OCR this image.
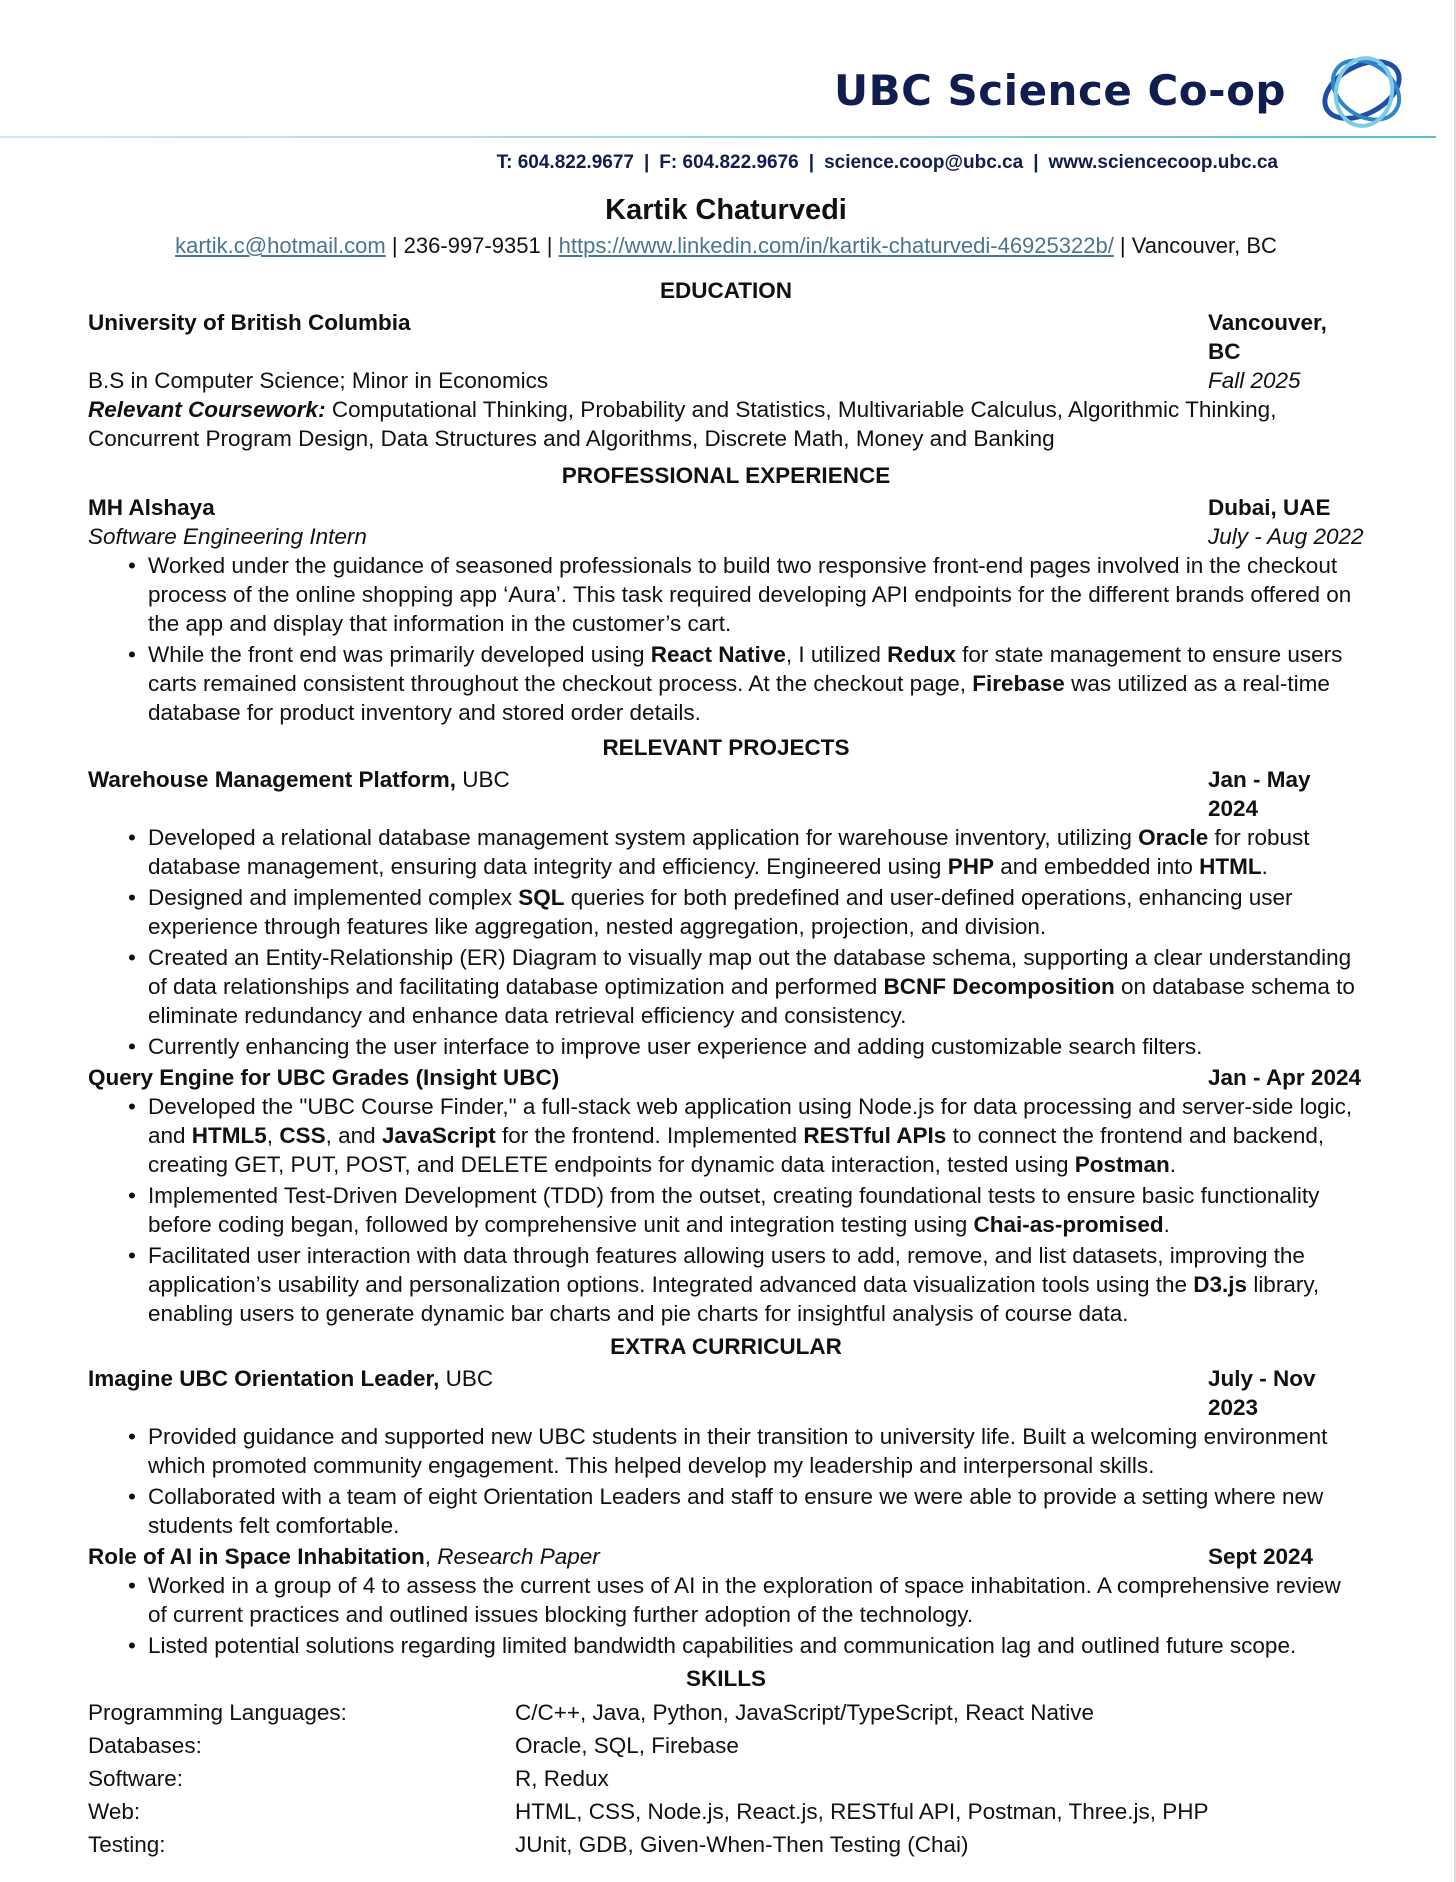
UBC Science Co-op
T: 604.822.9677 | F: 604.822.9676 | science.coop@ubc.ca | www.sciencecoop.ubc.ca
Kartik Chaturvedi
kartik.c@hotmail.com | 236-997-9351 | https://www.linkedin.com/in/kartik-chaturvedi-46925322b/ | Vancouver, BC
EDUCATION
University of British Columbia	Vancouver, BC
B.S in Computer Science; Minor in Economics	Fall 2025
Relevant Coursework: Computational Thinking, Probability and Statistics, Multivariable Calculus, Algorithmic Thinking, Concurrent Program Design, Data Structures and Algorithms, Discrete Math, Money and Banking
PROFESSIONAL EXPERIENCE
MH Alshaya	Dubai, UAE
Software Engineering Intern	July - Aug 2022
• Worked under the guidance of seasoned professionals to build two responsive front-end pages involved in the checkout process of the online shopping app ‘Aura’. This task required developing API endpoints for the different brands offered on the app and display that information in the customer’s cart.
• While the front end was primarily developed using React Native, I utilized Redux for state management to ensure users carts remained consistent throughout the checkout process. At the checkout page, Firebase was utilized as a real-time database for product inventory and stored order details.
RELEVANT PROJECTS
Warehouse Management Platform, UBC	Jan - May 2024
• Developed a relational database management system application for warehouse inventory, utilizing Oracle for robust database management, ensuring data integrity and efficiency. Engineered using PHP and embedded into HTML.
• Designed and implemented complex SQL queries for both predefined and user-defined operations, enhancing user experience through features like aggregation, nested aggregation, projection, and division.
• Created an Entity-Relationship (ER) Diagram to visually map out the database schema, supporting a clear understanding of data relationships and facilitating database optimization and performed BCNF Decomposition on database schema to eliminate redundancy and enhance data retrieval efficiency and consistency.
• Currently enhancing the user interface to improve user experience and adding customizable search filters.
Query Engine for UBC Grades (Insight UBC)	Jan - Apr 2024
• Developed the "UBC Course Finder," a full-stack web application using Node.js for data processing and server-side logic, and HTML5, CSS, and JavaScript for the frontend. Implemented RESTful APIs to connect the frontend and backend, creating GET, PUT, POST, and DELETE endpoints for dynamic data interaction, tested using Postman.
• Implemented Test-Driven Development (TDD) from the outset, creating foundational tests to ensure basic functionality before coding began, followed by comprehensive unit and integration testing using Chai-as-promised.
• Facilitated user interaction with data through features allowing users to add, remove, and list datasets, improving the application’s usability and personalization options. Integrated advanced data visualization tools using the D3.js library, enabling users to generate dynamic bar charts and pie charts for insightful analysis of course data.
EXTRA CURRICULAR
Imagine UBC Orientation Leader, UBC	July - Nov 2023
• Provided guidance and supported new UBC students in their transition to university life. Built a welcoming environment which promoted community engagement. This helped develop my leadership and interpersonal skills.
• Collaborated with a team of eight Orientation Leaders and staff to ensure we were able to provide a setting where new students felt comfortable.
Role of AI in Space Inhabitation, Research Paper	Sept 2024
• Worked in a group of 4 to assess the current uses of AI in the exploration of space inhabitation. A comprehensive review of current practices and outlined issues blocking further adoption of the technology.
• Listed potential solutions regarding limited bandwidth capabilities and communication lag and outlined future scope.
SKILLS
Programming Languages:	C/C++, Java, Python, JavaScript/TypeScript, React Native
Databases:	Oracle, SQL, Firebase
Software:	R, Redux
Web:	HTML, CSS, Node.js, React.js, RESTful API, Postman, Three.js, PHP
Testing:	JUnit, GDB, Given-When-Then Testing (Chai)
